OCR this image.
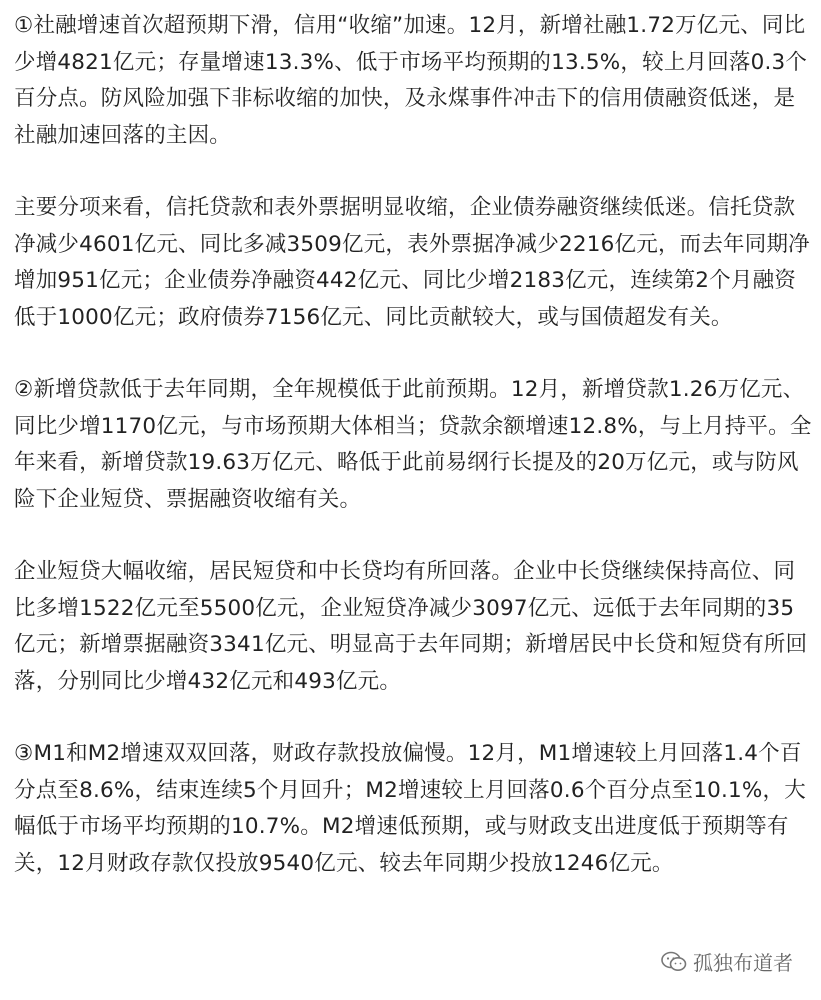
①社融增速首次超预期下滑，信用“收缩”加速。12月，新增社融1.72万亿元、同比少增4821亿元；存量增速13.3%、低于市场平均预期的13.5%，较上月回落0.3个百分点。防风险加强下非标收缩的加快，及永煤事件冲击下的信用债融资低迷，是社融加速回落的主因。

主要分项来看，信托贷款和表外票据明显收缩，企业债券融资继续低迷。信托贷款净减少4601亿元、同比多减3509亿元，表外票据净减少2216亿元，而去年同期净增加951亿元；企业债券净融资442亿元、同比少增2183亿元，连续第2个月融资低于1000亿元；政府债券7156亿元、同比贡献较大，或与国债超发有关。

②新增贷款低于去年同期，全年规模低于此前预期。12月，新增贷款1.26万亿元、同比少增1170亿元，与市场预期大体相当；贷款余额增速12.8%，与上月持平。全年来看，新增贷款19.63万亿元、略低于此前易纲行长提及的20万亿元，或与防风险下企业短贷、票据融资收缩有关。

企业短贷大幅收缩，居民短贷和中长贷均有所回落。企业中长贷继续保持高位、同比多增1522亿元至5500亿元，企业短贷净减少3097亿元、远低于去年同期的35亿元；新增票据融资3341亿元、明显高于去年同期；新增居民中长贷和短贷有所回落，分别同比少增432亿元和493亿元。

③M1和M2增速双双回落，财政存款投放偏慢。12月，M1增速较上月回落1.4个百分点至8.6%，结束连续5个月回升；M2增速较上月回落0.6个百分点至10.1%，大幅低于市场平均预期的10.7%。M2增速低预期，或与财政支出进度低于预期等有关，12月财政存款仅投放9540亿元、较去年同期少投放1246亿元。

孤独布道者
